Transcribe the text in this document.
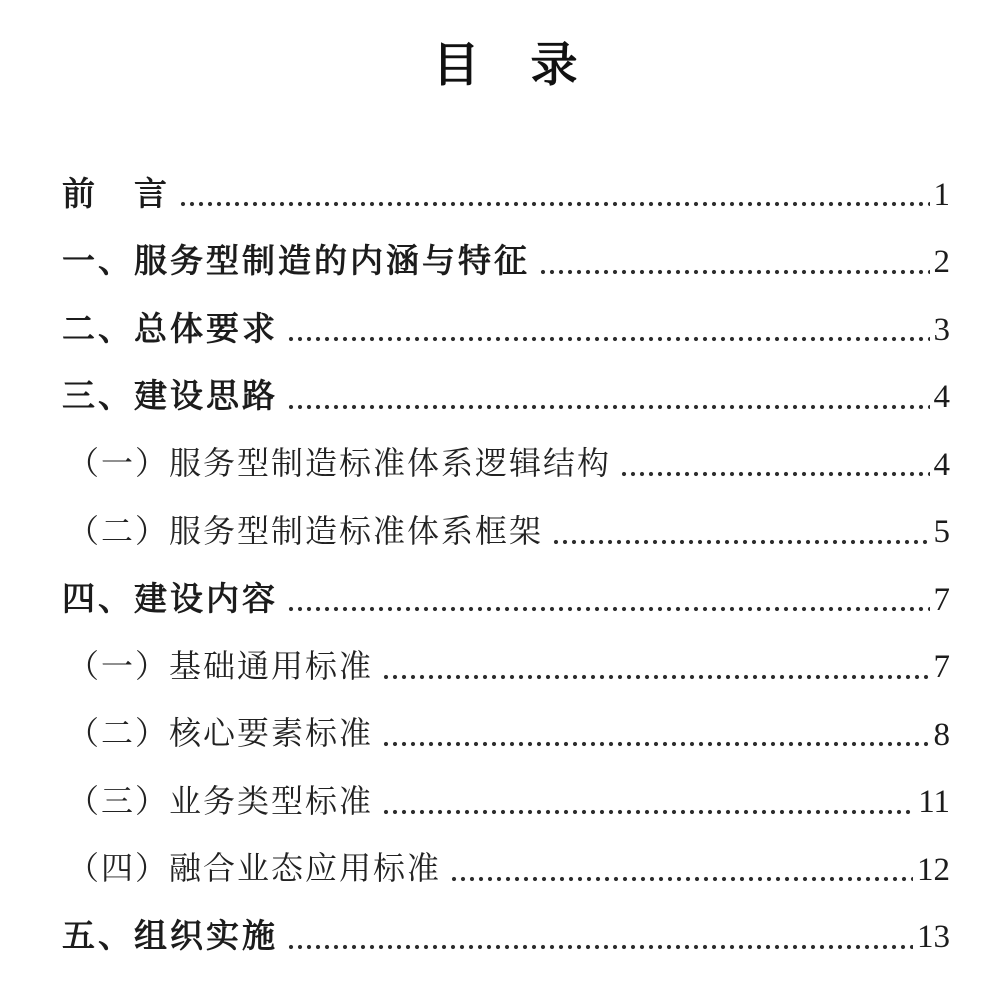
目　录
前　言	1
一、服务型制造的内涵与特征	2
二、总体要求	3
三、建设思路	4
（一）服务型制造标准体系逻辑结构	4
（二）服务型制造标准体系框架	5
四、建设内容	7
（一）基础通用标准	7
（二）核心要素标准	8
（三）业务类型标准	11
（四）融合业态应用标准	12
五、组织实施	13
